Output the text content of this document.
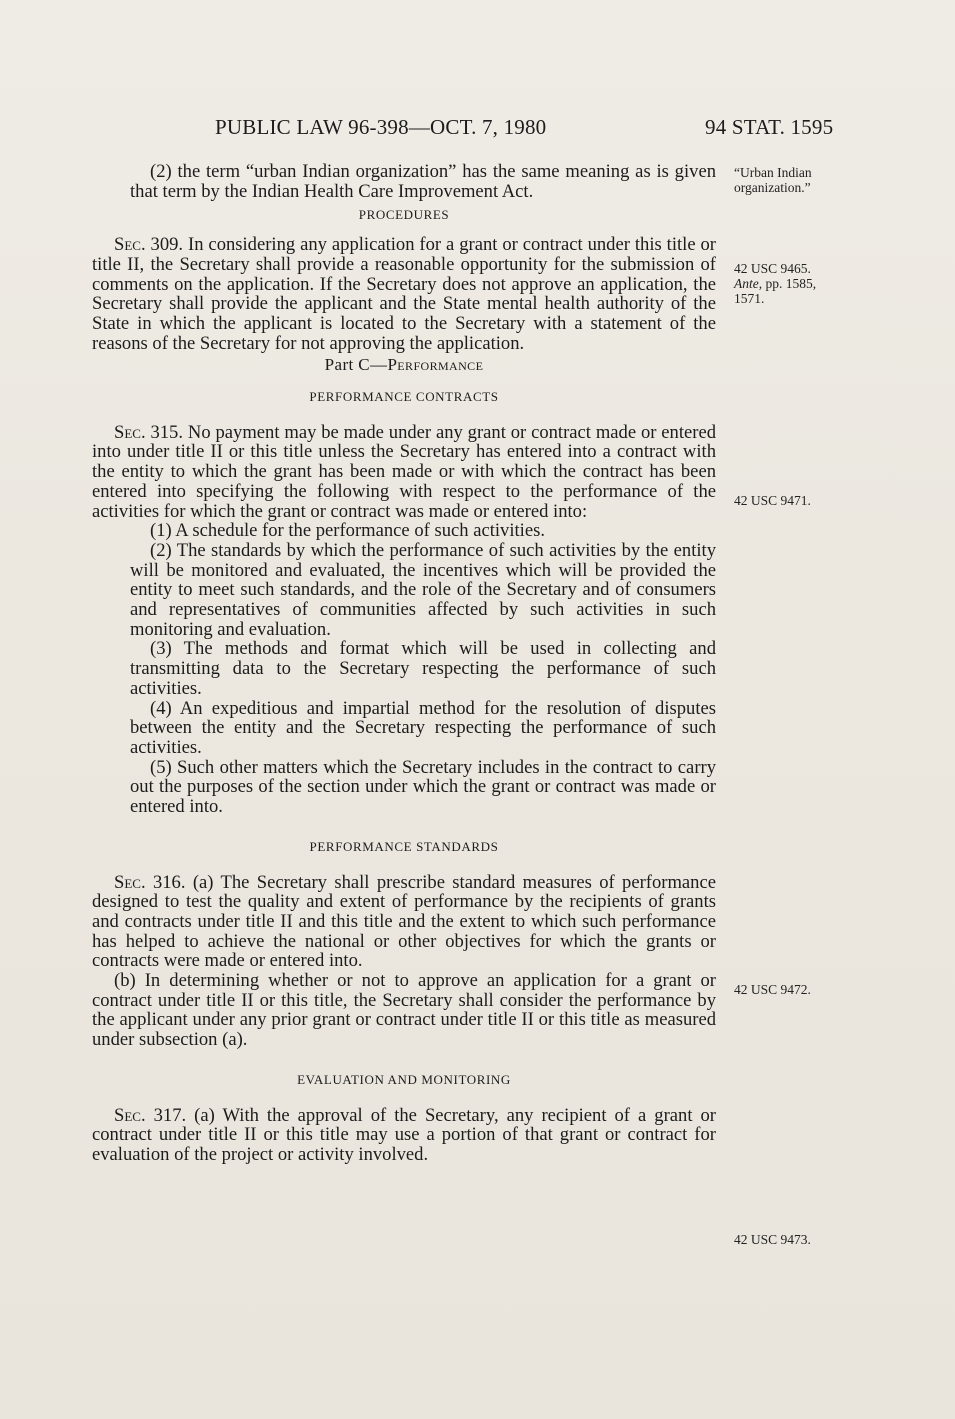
PUBLIC LAW 96-398—OCT. 7, 1980	94 STAT. 1595

(2) the term “urban Indian organization” has the same meaning as is given that term by the Indian Health Care Improvement Act.

PROCEDURES

Sec. 309. In considering any application for a grant or contract under this title or title II, the Secretary shall provide a reasonable opportunity for the submission of comments on the application. If the Secretary does not approve an application, the Secretary shall provide the applicant and the State mental health authority of the State in which the applicant is located to the Secretary with a statement of the reasons of the Secretary for not approving the application.

Part C—Performance
PERFORMANCE CONTRACTS

Sec. 315. No payment may be made under any grant or contract made or entered into under title II or this title unless the Secretary has entered into a contract with the entity to which the grant has been made or with which the contract has been entered into specifying the following with respect to the performance of the activities for which the grant or contract was made or entered into:

(1) A schedule for the performance of such activities.

(2) The standards by which the performance of such activities by the entity will be monitored and evaluated, the incentives which will be provided the entity to meet such standards, and the role of the Secretary and of consumers and representatives of communities affected by such activities in such monitoring and evaluation.

(3) The methods and format which will be used in collecting and transmitting data to the Secretary respecting the performance of such activities.

(4) An expeditious and impartial method for the resolution of disputes between the entity and the Secretary respecting the performance of such activities.

(5) Such other matters which the Secretary includes in the contract to carry out the purposes of the section under which the grant or contract was made or entered into.

PERFORMANCE STANDARDS

Sec. 316. (a) The Secretary shall prescribe standard measures of performance designed to test the quality and extent of performance by the recipients of grants and contracts under title II and this title and the extent to which such performance has helped to achieve the national or other objectives for which the grants or contracts were made or entered into.

(b) In determining whether or not to approve an application for a grant or contract under title II or this title, the Secretary shall consider the performance by the applicant under any prior grant or contract under title II or this title as measured under subsection (a).

EVALUATION AND MONITORING

Sec. 317. (a) With the approval of the Secretary, any recipient of a grant or contract under title II or this title may use a portion of that grant or contract for evaluation of the project or activity involved.

“Urban Indian
organization.”
42 USC 9465.
Ante, pp. 1585,
1571.
42 USC 9471.
42 USC 9472.
42 USC 9473.
